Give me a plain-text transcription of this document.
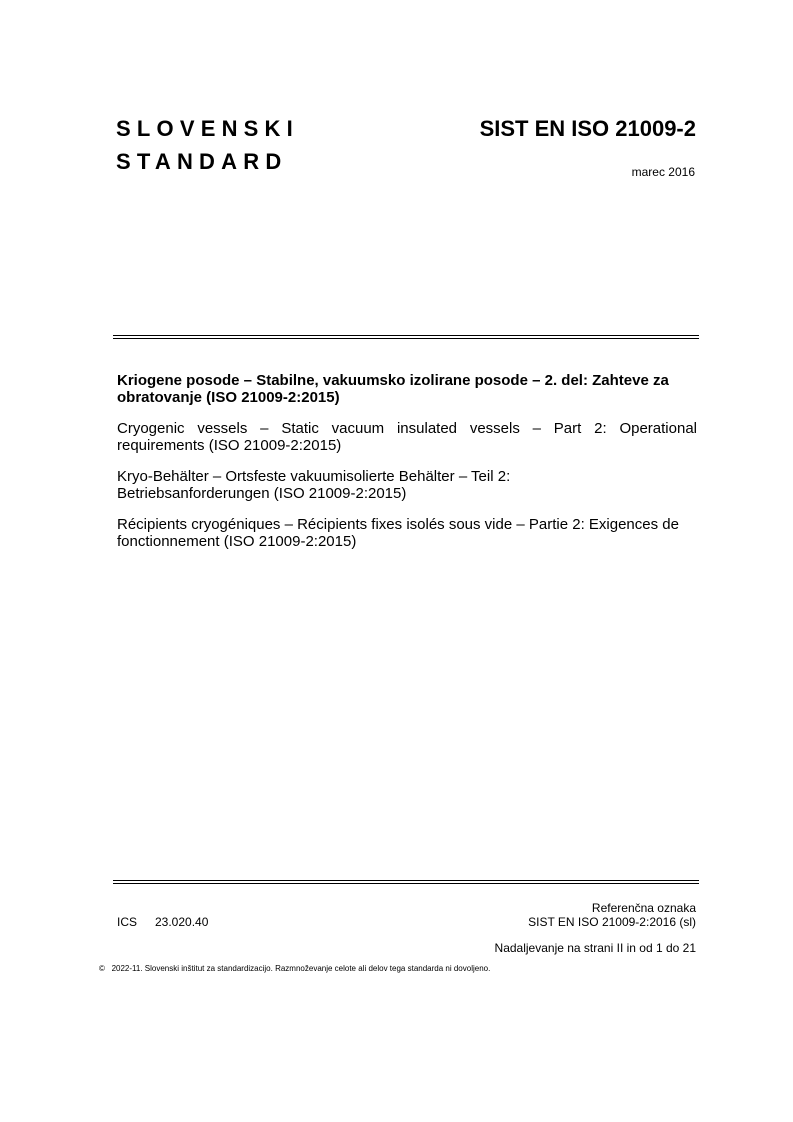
SLOVENSKI
STANDARD
SIST EN ISO 21009-2
marec 2016
Kriogene posode – Stabilne, vakuumsko izolirane posode – 2. del: Zahteve za obratovanje (ISO 21009-2:2015)
Cryogenic vessels – Static vacuum insulated vessels – Part 2: Operational requirements (ISO 21009-2:2015)
Kryo-Behälter – Ortsfeste vakuumisolierte Behälter – Teil 2:
Betriebsanforderungen (ISO 21009-2:2015)
Récipients cryogéniques – Récipients fixes isolés sous vide – Partie 2: Exigences de fonctionnement (ISO 21009-2:2015)
ICS 23.020.40
Referenčna oznaka
SIST EN ISO 21009-2:2016 (sl)
Nadaljevanje na strani II in od 1 do 21
© 2022-11. Slovenski inštitut za standardizacijo. Razmnoževanje celote ali delov tega standarda ni dovoljeno.
